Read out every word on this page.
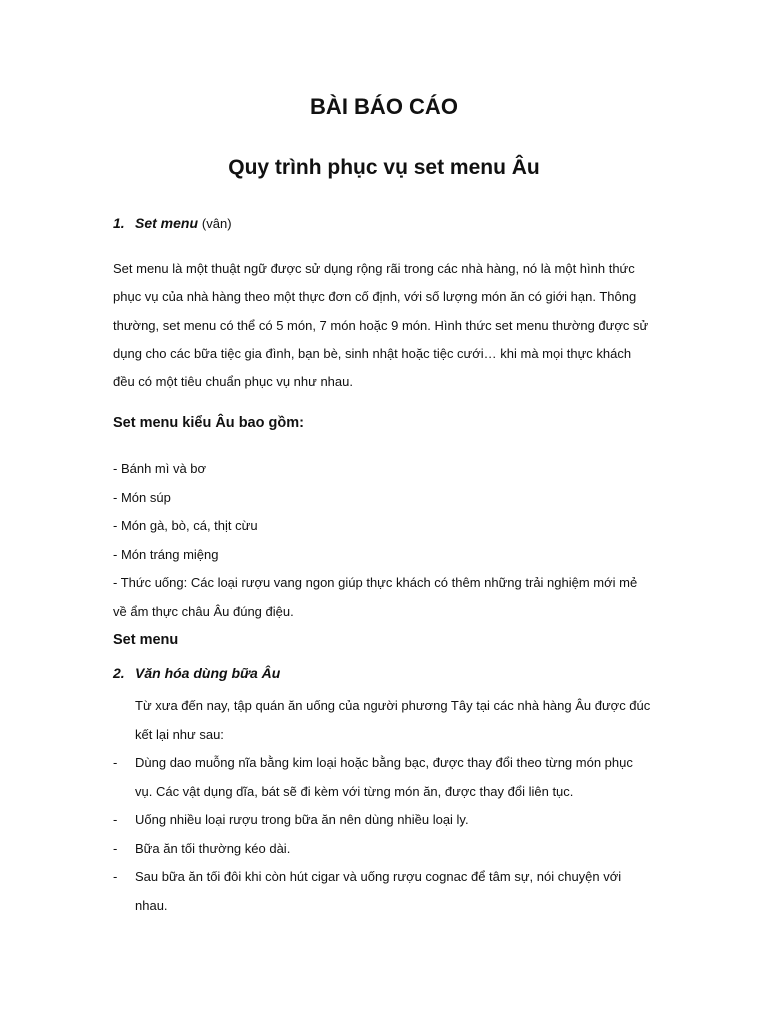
BÀI BÁO CÁO
Quy trình phục vụ set menu Âu
1. Set menu (vân)
Set menu là một thuật ngữ được sử dụng rộng rãi trong các nhà hàng, nó là một hình thức
phục vụ của nhà hàng theo một thực đơn cố định, với số lượng món ăn có giới hạn. Thông
thường, set menu có thể có 5 món, 7 món hoặc 9 món. Hình thức set menu thường được sử
dụng cho các bữa tiệc gia đình, bạn bè, sinh nhật hoặc tiệc cưới… khi mà mọi thực khách
đều có một tiêu chuẩn phục vụ như nhau.
Set menu kiểu Âu bao gồm:
- Bánh mì và bơ
- Món súp
- Món gà, bò, cá, thịt cừu
- Món tráng miệng
- Thức uống: Các loại rượu vang ngon giúp thực khách có thêm những trải nghiệm mới mẻ
về ẩm thực châu Âu đúng điệu.
Set menu
2. Văn hóa dùng bữa Âu
Từ xưa đến nay, tập quán ăn uống của người phương Tây tại các nhà hàng Âu được đúc
kết lại như sau:
- Dùng dao muỗng nĩa bằng kim loại hoặc bằng bạc, được thay đổi theo từng món phục
vụ. Các vật dụng dĩa, bát sẽ đi kèm với từng món ăn, được thay đổi liên tục.
- Uống nhiều loại rượu trong bữa ăn nên dùng nhiều loại ly.
- Bữa ăn tối thường kéo dài.
- Sau bữa ăn tối đôi khi còn hút cigar và uống rượu cognac để tâm sự, nói chuyện với
nhau.
